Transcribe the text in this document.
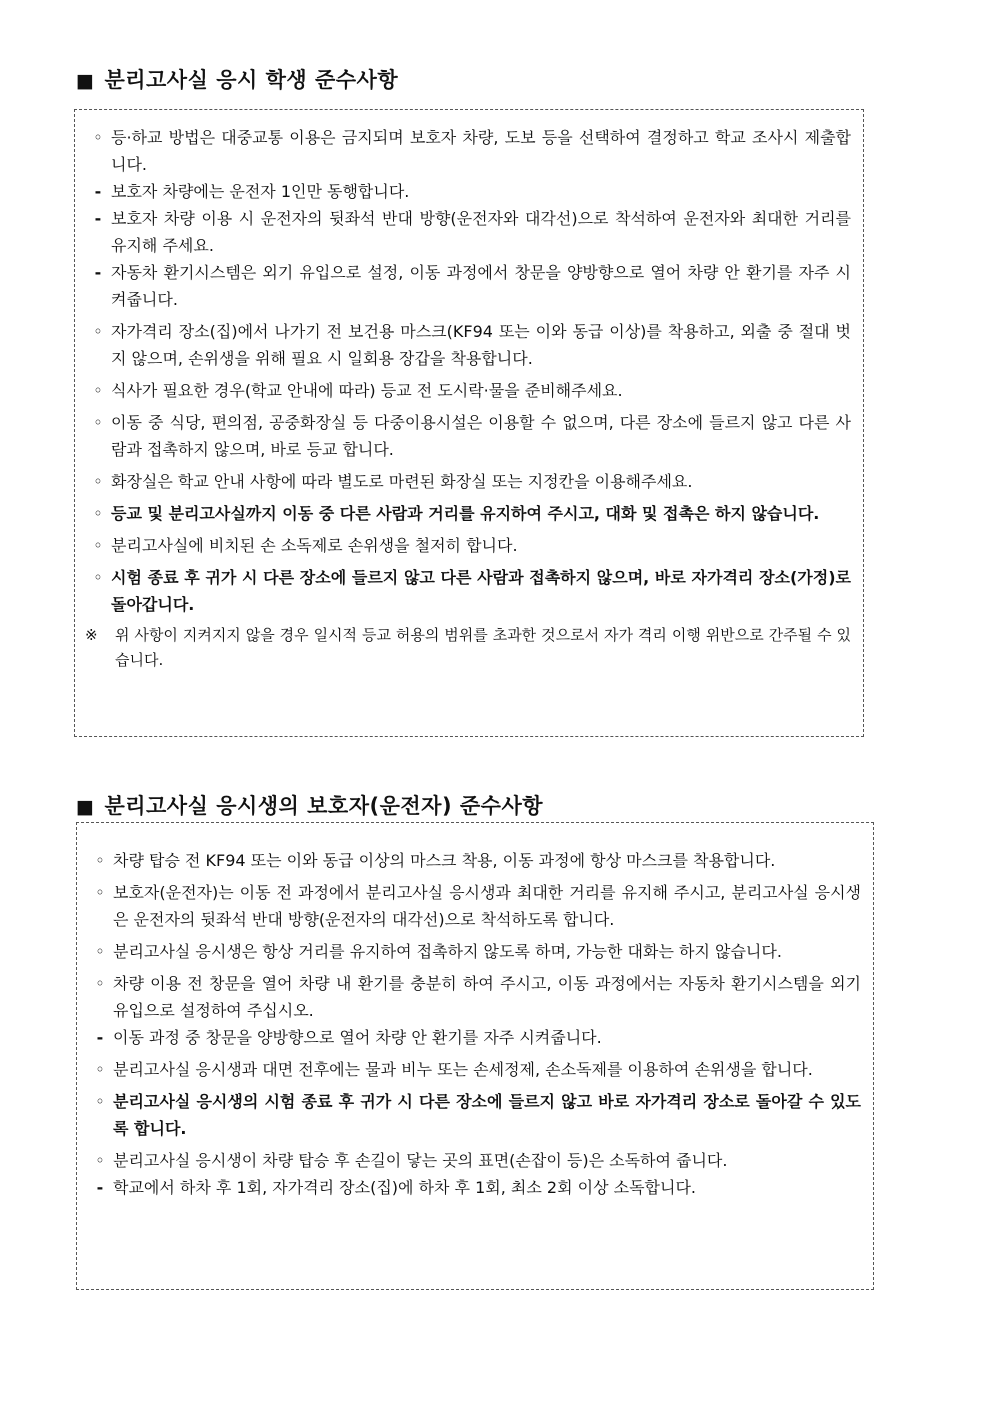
■ 분리고사실 응시 학생 준수사항
◦ 등·하교 방법은 대중교통 이용은 금지되며 보호자 차량, 도보 등을 선택하여 결정하고 학교 조사시 제출합니다.
- 보호자 차량에는 운전자 1인만 동행합니다.
- 보호자 차량 이용 시 운전자의 뒷좌석 반대 방향(운전자와 대각선)으로 착석하여 운전자와 최대한 거리를 유지해 주세요.
- 자동차 환기시스템은 외기 유입으로 설정, 이동 과정에서 창문을 양방향으로 열어 차량 안 환기를 자주 시켜줍니다.
◦ 자가격리 장소(집)에서 나가기 전 보건용 마스크(KF94 또는 이와 동급 이상)를 착용하고, 외출 중 절대 벗지 않으며, 손위생을 위해 필요 시 일회용 장갑을 착용합니다.
◦ 식사가 필요한 경우(학교 안내에 따라) 등교 전 도시락·물을 준비해주세요.
◦ 이동 중 식당, 편의점, 공중화장실 등 다중이용시설은 이용할 수 없으며, 다른 장소에 들르지 않고 다른 사람과 접촉하지 않으며, 바로 등교 합니다.
◦ 화장실은 학교 안내 사항에 따라 별도로 마련된 화장실 또는 지정칸을 이용해주세요.
◦ 등교 및 분리고사실까지 이동 중 다른 사람과 거리를 유지하여 주시고, 대화 및 접촉은 하지 않습니다.
◦ 분리고사실에 비치된 손 소독제로 손위생을 철저히 합니다.
◦ 시험 종료 후 귀가 시 다른 장소에 들르지 않고 다른 사람과 접촉하지 않으며, 바로 자가격리 장소(가정)로 돌아갑니다.
※	위 사항이 지켜지지 않을 경우 일시적 등교 허용의 범위를 초과한 것으로서 자가 격리 이행 위반으로 간주될 수 있습니다.
■ 분리고사실 응시생의 보호자(운전자) 준수사항
◦ 차량 탑승 전 KF94 또는 이와 동급 이상의 마스크 착용, 이동 과정에 항상 마스크를 착용합니다.
◦ 보호자(운전자)는 이동 전 과정에서 분리고사실 응시생과 최대한 거리를 유지해 주시고, 분리고사실 응시생은 운전자의 뒷좌석 반대 방향(운전자의 대각선)으로 착석하도록 합니다.
◦ 분리고사실 응시생은 항상 거리를 유지하여 접촉하지 않도록 하며, 가능한 대화는 하지 않습니다.
◦ 차량 이용 전 창문을 열어 차량 내 환기를 충분히 하여 주시고, 이동 과정에서는 자동차 환기시스템을 외기 유입으로 설정하여 주십시오.
- 이동 과정 중 창문을 양방향으로 열어 차량 안 환기를 자주 시켜줍니다.
◦ 분리고사실 응시생과 대면 전후에는 물과 비누 또는 손세정제, 손소독제를 이용하여 손위생을 합니다.
◦ 분리고사실 응시생의 시험 종료 후 귀가 시 다른 장소에 들르지 않고 바로 자가격리 장소로 돌아갈 수 있도록 합니다.
◦ 분리고사실 응시생이 차량 탑승 후 손길이 닿는 곳의 표면(손잡이 등)은 소독하여 줍니다.
- 학교에서 하차 후 1회, 자가격리 장소(집)에 하차 후 1회, 최소 2회 이상 소독합니다.
